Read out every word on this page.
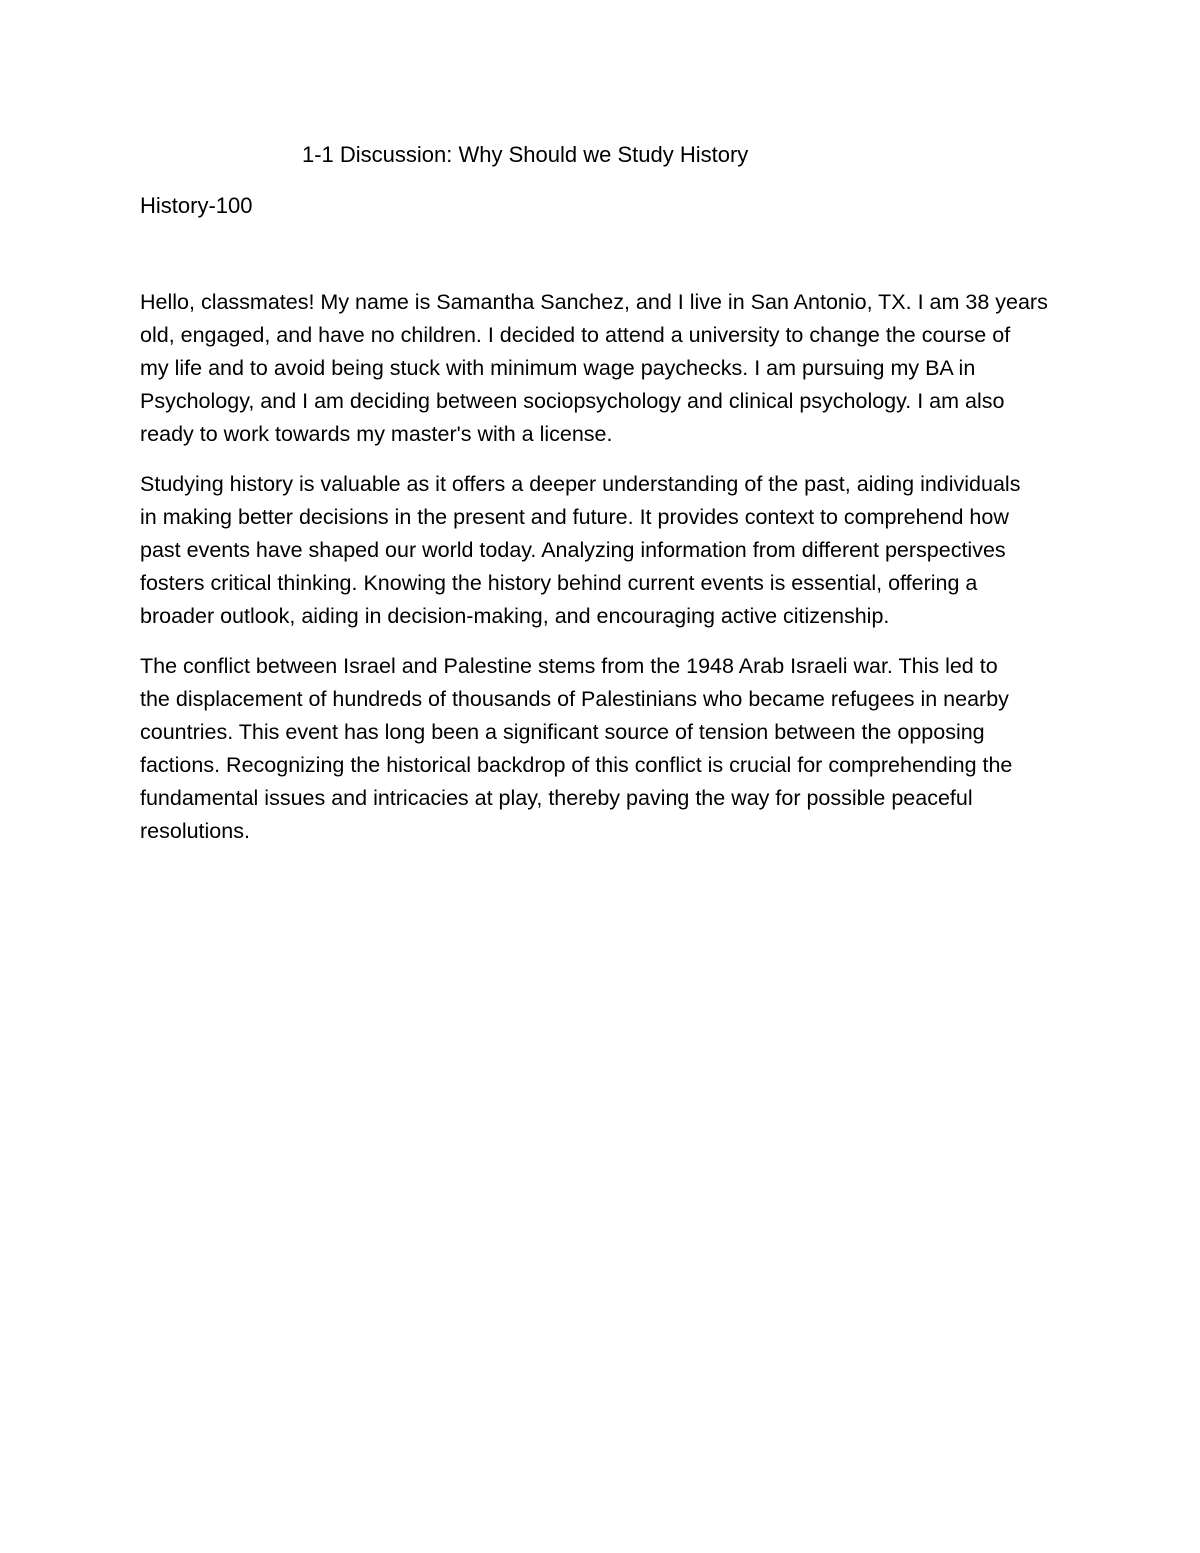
1-1 Discussion: Why Should we Study History
History-100
Hello, classmates! My name is Samantha Sanchez, and I live in San Antonio, TX. I am 38 years
old, engaged, and have no children. I decided to attend a university to change the course of
my life and to avoid being stuck with minimum wage paychecks. I am pursuing my BA in
Psychology, and I am deciding between sociopsychology and clinical psychology. I am also
ready to work towards my master's with a license.
Studying history is valuable as it offers a deeper understanding of the past, aiding individuals
in making better decisions in the present and future. It provides context to comprehend how
past events have shaped our world today. Analyzing information from different perspectives
fosters critical thinking. Knowing the history behind current events is essential, offering a
broader outlook, aiding in decision-making, and encouraging active citizenship.
The conflict between Israel and Palestine stems from the 1948 Arab Israeli war. This led to
the displacement of hundreds of thousands of Palestinians who became refugees in nearby
countries. This event has long been a significant source of tension between the opposing
factions. Recognizing the historical backdrop of this conflict is crucial for comprehending the
fundamental issues and intricacies at play, thereby paving the way for possible peaceful
resolutions.
